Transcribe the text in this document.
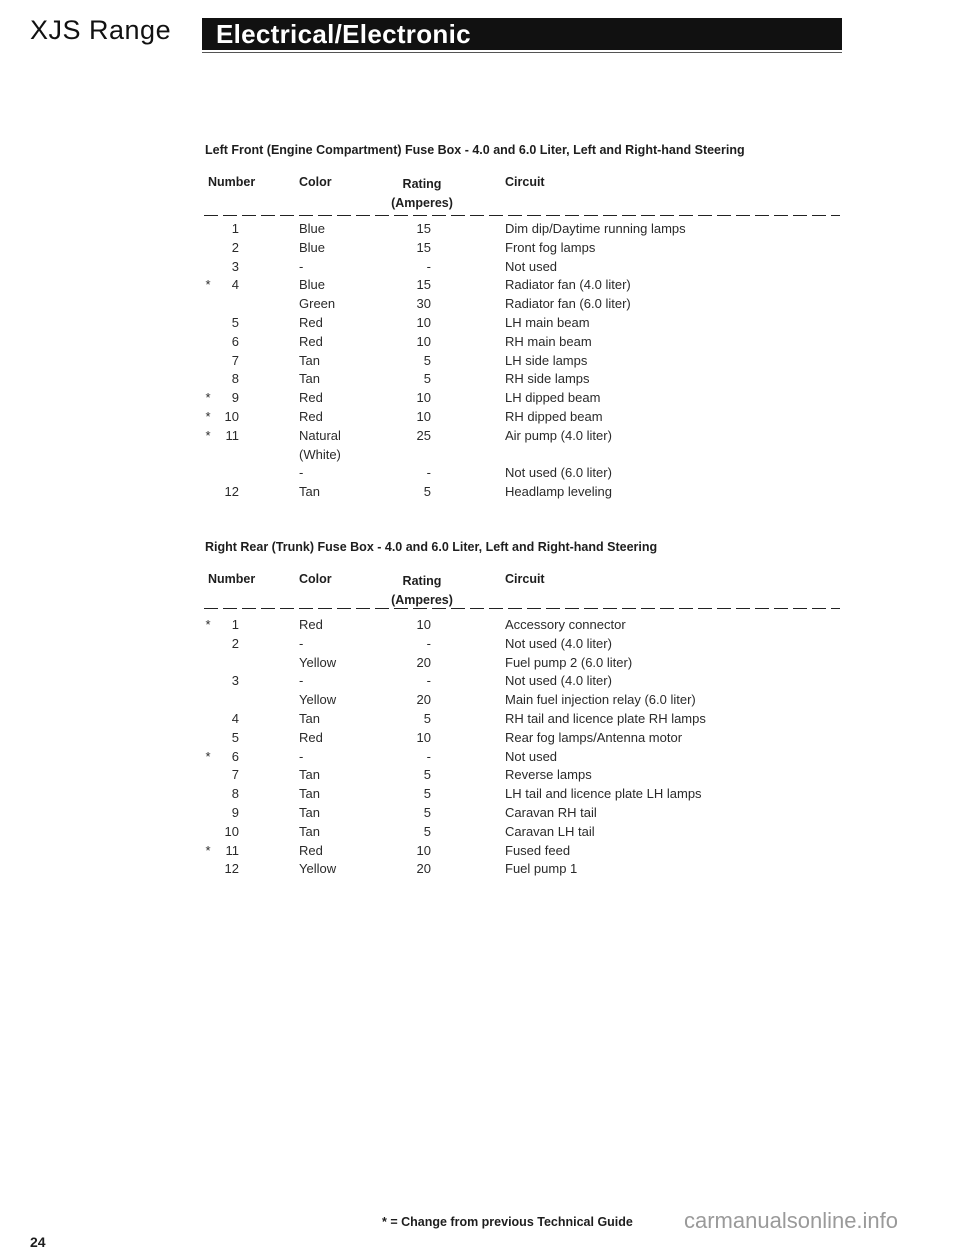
XJS Range Electrical/Electronic
Left Front (Engine Compartment) Fuse Box - 4.0 and 6.0 Liter, Left and Right-hand Steering
Number	Color	Rating
(Amperes)
Circuit
1	Blue	15	Dim dip/Daytime running lamps
2	Blue	15	Front fog lamps
3	-	-	Not used
*	4	Blue	15	Radiator fan (4.0 liter)
Green	30	Radiator fan (6.0 liter)
5	Red	10	LH main beam
6	Red	10	RH main beam
7	Tan	5	LH side lamps
8	Tan	5	RH side lamps
*	9	Red	10	LH dipped beam
*	10	Red	10	RH dipped beam
*	11	Natural	25	Air pump (4.0 liter)
(White)
-	-	Not used (6.0 liter)
12	Tan	5	Headlamp leveling
Right Rear (Trunk) Fuse Box - 4.0 and 6.0 Liter, Left and Right-hand Steering
Number	Color	Rating
(Amperes)
Circuit
*	1	Red	10	Accessory connector
2	-	-	Not used (4.0 liter)
Yellow	20	Fuel pump 2 (6.0 liter)
3	-	-	Not used (4.0 liter)
Yellow	20	Main fuel injection relay (6.0 liter)
4	Tan	5	RH tail and licence plate RH lamps
5	Red	10	Rear fog lamps/Antenna motor
*	6	-	-	Not used
7	Tan	5	Reverse lamps
8	Tan	5	LH tail and licence plate LH lamps
9	Tan	5	Caravan RH tail
10	Tan	5	Caravan LH tail
*	11	Red	10	Fused feed
12	Yellow	20	Fuel pump 1
* = Change from previous Technical Guide carmanualsonline.info
24
